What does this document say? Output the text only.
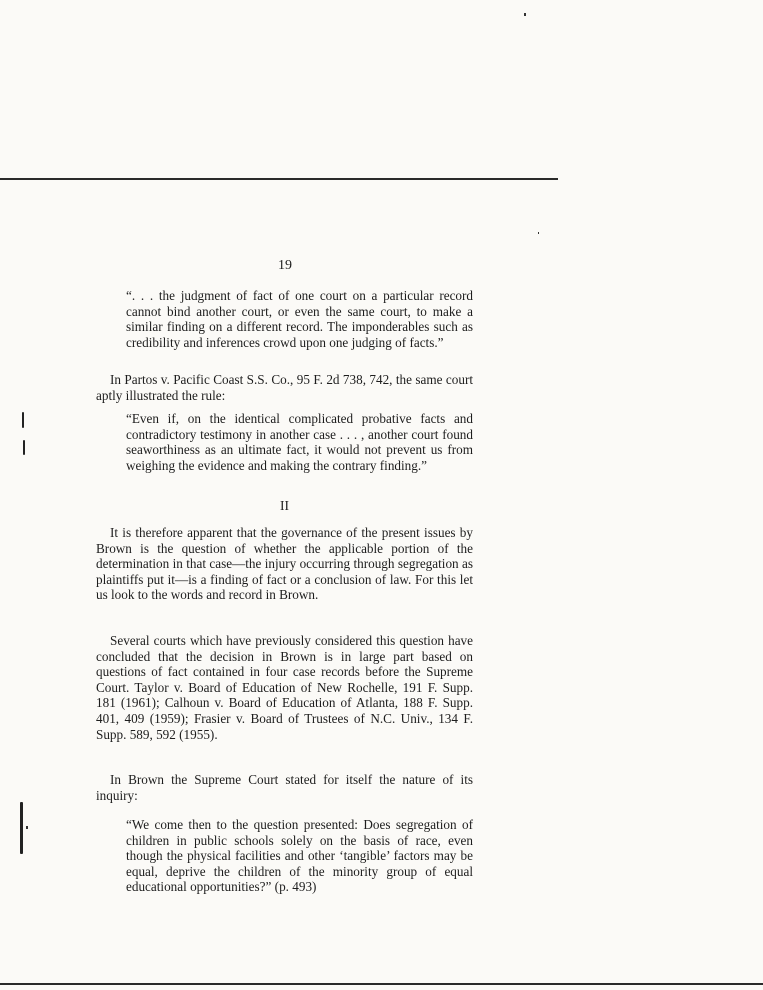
19
“. . . the judgment of fact of one court on a particular record cannot bind another court, or even the same court, to make a similar finding on a different record. The imponderables such as credibility and inferences crowd upon one judging of facts.”
In Partos v. Pacific Coast S.S. Co., 95 F. 2d 738, 742, the same court aptly illustrated the rule:
“Even if, on the identical complicated probative facts and contradictory testimony in another case . . . , another court found seaworthiness as an ultimate fact, it would not prevent us from weighing the evidence and making the contrary finding.”
II
It is therefore apparent that the governance of the present issues by Brown is the question of whether the applicable portion of the determination in that case—the injury occurring through segregation as plaintiffs put it—is a finding of fact or a conclusion of law. For this let us look to the words and record in Brown.
Several courts which have previously considered this question have concluded that the decision in Brown is in large part based on questions of fact contained in four case records before the Supreme Court. Taylor v. Board of Education of New Rochelle, 191 F. Supp. 181 (1961); Calhoun v. Board of Education of Atlanta, 188 F. Supp. 401, 409 (1959); Frasier v. Board of Trustees of N.C. Univ., 134 F. Supp. 589, 592 (1955).
In Brown the Supreme Court stated for itself the nature of its inquiry:
“We come then to the question presented: Does segregation of children in public schools solely on the basis of race, even though the physical facilities and other ‘tangible’ factors may be equal, deprive the children of the minority group of equal educational opportunities?” (p. 493)
